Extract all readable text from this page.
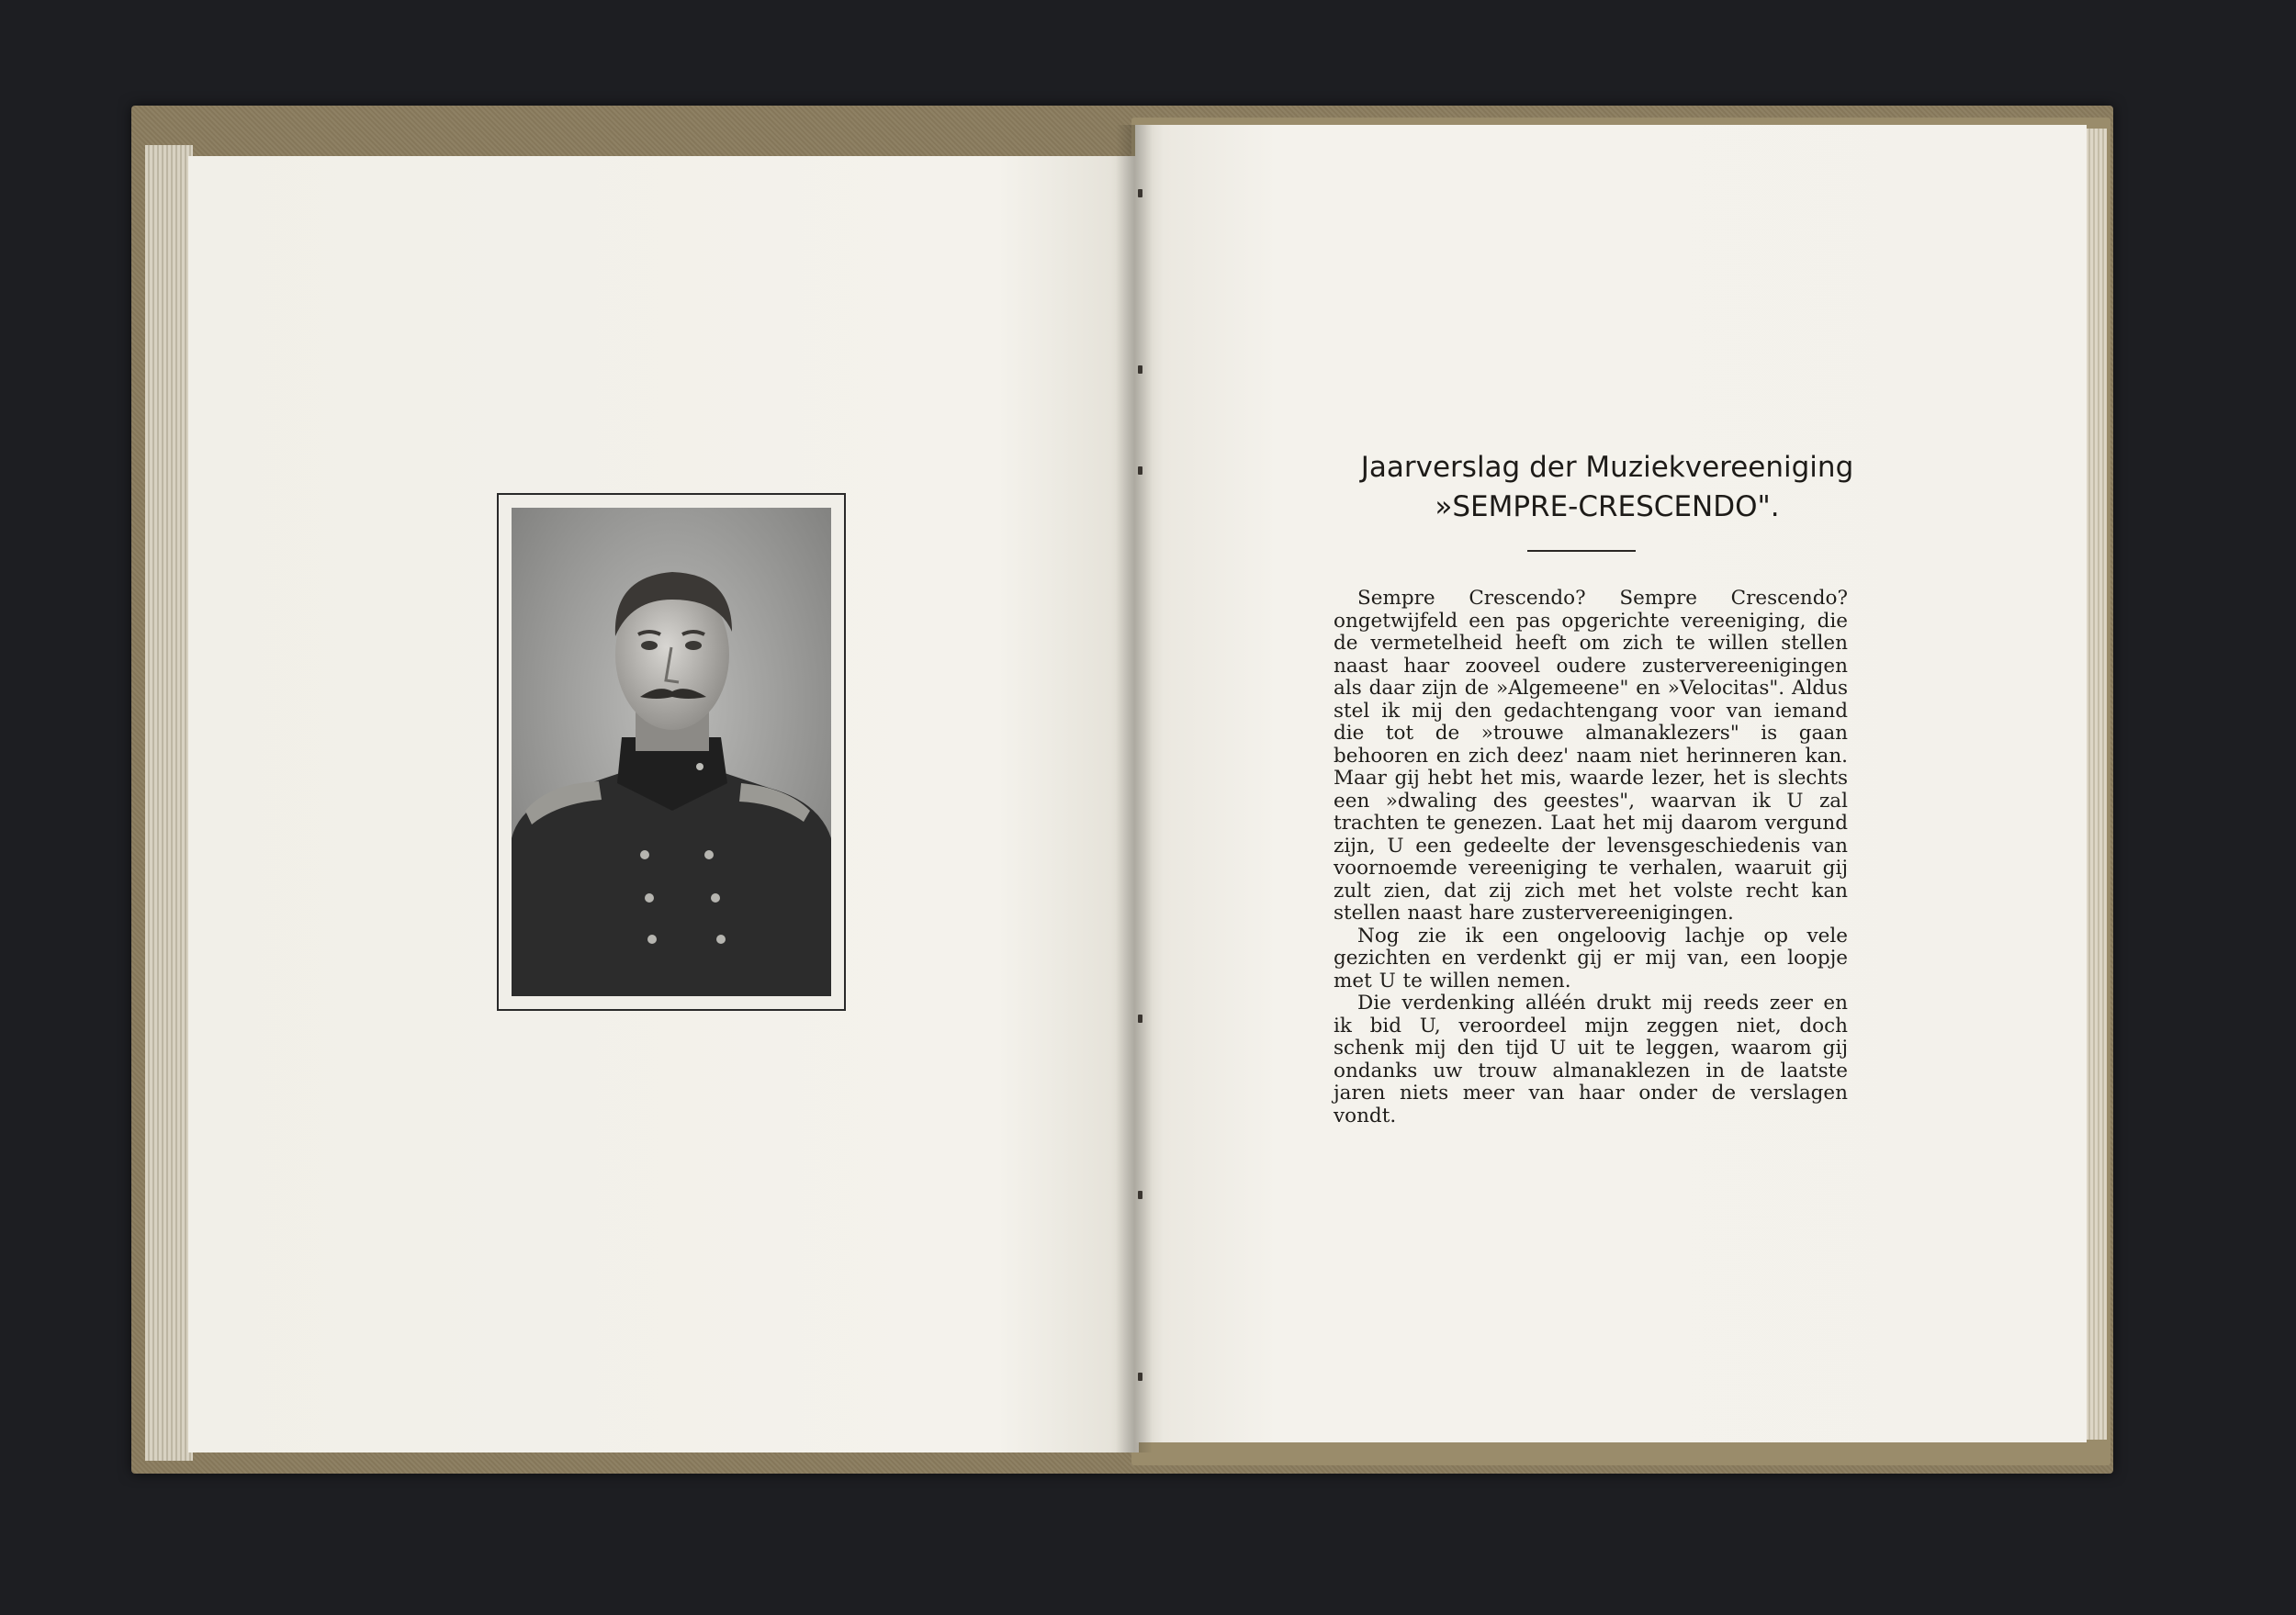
Jaarverslag der Muziekvereeniging
»SEMPRE-CRESCENDO".

Sempre Crescendo? Sempre Crescendo? ongetwijfeld een pas opgerichte vereeniging, die de vermetelheid heeft om zich te willen stellen naast haar zooveel oudere zustervereenigingen als daar zijn de »Algemeene" en »Velocitas". Aldus stel ik mij den gedachtengang voor van iemand die tot de »trouwe almanaklezers" is gaan behooren en zich deez' naam niet herinneren kan. Maar gij hebt het mis, waarde lezer, het is slechts een »dwaling des geestes", waarvan ik U zal trachten te genezen. Laat het mij daarom vergund zijn, U een gedeelte der levensgeschiedenis van voornoemde vereeniging te verhalen, waaruit gij zult zien, dat zij zich met het volste recht kan stellen naast hare zustervereenigingen.

Nog zie ik een ongeloovig lachje op vele gezichten en verdenkt gij er mij van, een loopje met U te willen nemen.

Die verdenking alléén drukt mij reeds zeer en ik bid U, veroordeel mijn zeggen niet, doch schenk mij den tijd U uit te leggen, waarom gij ondanks uw trouw almanaklezen in de laatste jaren niets meer van haar onder de verslagen vondt.
